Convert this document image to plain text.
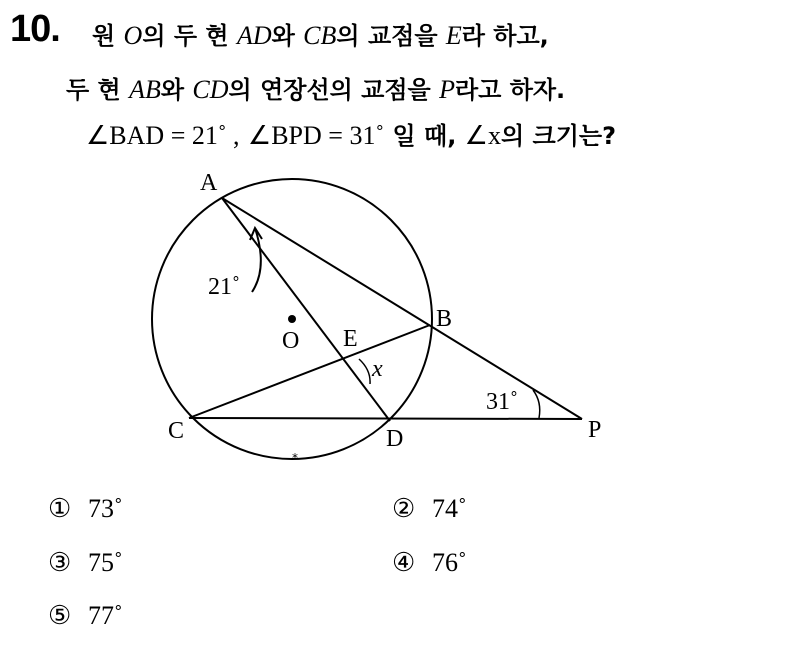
10. 원 O의 두 현 AD와 CB의 교점을 E라 하고,
두 현 AB와 CD의 연장선의 교점을 P라고 하자.
∠BAD = 21˚ , ∠BPD = 31˚ 일 때, ∠x의 크기는?
A
B
C	D
E
O
P
x
21˚
31˚
*
① 73˚	② 74˚
③ 75˚	④ 76˚
⑤ 77˚
